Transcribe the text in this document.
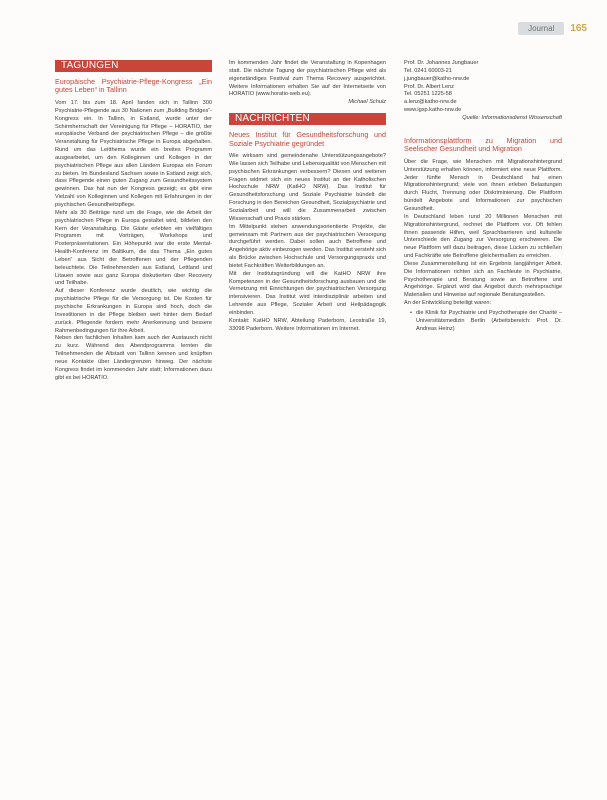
Journal	165
TAGUNGEN
Europäische Psychiatrie-Pflege-Kongress „Ein gutes Leben“ in Tallinn

Vom 17. bis zum 18. April fanden sich in Tallinn 300 Psychiatrie-Pflegende aus 30 Nationen zum „Building Bridges“-Kongress ein. In Tallinn, in Estland, wurde unter der Schirmherrschaft der Vereinigung für Pflege – HORATIO, der europäische Verband der psychiatrischen Pflege – die größte Veranstaltung für Psychiatrische Pflege in Europa abgehalten. Rund um das Leitthema wurde ein breites Programm ausgearbeitet, um den Kolleginnen und Kollegen in der psychiatrischen Pflege aus allen Ländern Europas ein Forum zu bieten. Im Bundesland Sachsen sowie in Estland zeigt sich, dass Pflegende einen guten Zugang zum Gesundheitssystem gewinnen. Das hat nun der Kongress gezeigt; es gibt eine Vielzahl von Kolleginnen und Kollegen mit Erfahrungen in der psychischen Gesundheitspflege.

Mehr als 30 Beiträge rund um die Frage, wie die Arbeit der psychiatrischen Pflege in Europa gestaltet wird, bildeten den Kern der Veranstaltung. Die Gäste erlebten ein vielfältiges Programm mit Vorträgen, Workshops und Posterpräsentationen. Ein Höhepunkt war die erste Mental-Health-Konferenz im Baltikum, die das Thema „Ein gutes Leben“ aus Sicht der Betroffenen und der Pflegenden beleuchtete. Die Teilnehmenden aus Estland, Lettland und Litauen sowie aus ganz Europa diskutierten über Recovery und Teilhabe.

Auf dieser Konferenz wurde deutlich, wie wichtig die psychiatrische Pflege für die Versorgung ist. Die Kosten für psychische Erkrankungen in Europa sind hoch, doch die Investitionen in die Pflege bleiben weit hinter dem Bedarf zurück. Pflegende fordern mehr Anerkennung und bessere Rahmenbedingungen für ihre Arbeit.

Neben den fachlichen Inhalten kam auch der Austausch nicht zu kurz. Während des Abendprogramms lernten die Teilnehmenden die Altstadt von Tallinn kennen und knüpften neue Kontakte über Ländergrenzen hinweg. Der nächste Kongress findet im kommenden Jahr statt; Informationen dazu gibt es bei HORATIO.

Im kommenden Jahr findet die Veranstaltung in Kopenhagen statt. Die nächste Tagung der psychiatrischen Pflege wird als eigenständiges Festival zum Thema Recovery ausgerichtet. Weitere Informationen erhalten Sie auf der Internetseite von HORATIO (www.horatio-web.eu).

Michael Schulz

NACHRICHTEN
Neues Institut für Gesundheitsforschung und Soziale Psychiatrie gegründet

Wie wirksam sind gemeindenahe Unterstützungsangebote? Wie lassen sich Teilhabe und Lebensqualität von Menschen mit psychischen Erkrankungen verbessern? Diesen und weiteren Fragen widmet sich ein neues Institut an der Katholischen Hochschule NRW (KatHO NRW). Das Institut für Gesundheitsforschung und Soziale Psychiatrie bündelt die Forschung in den Bereichen Gesundheit, Sozialpsychiatrie und Sozialarbeit und will die Zusammenarbeit zwischen Wissenschaft und Praxis stärken.

Im Mittelpunkt stehen anwendungsorientierte Projekte, die gemeinsam mit Partnern aus der psychiatrischen Versorgung durchgeführt werden. Dabei sollen auch Betroffene und Angehörige aktiv einbezogen werden. Das Institut versteht sich als Brücke zwischen Hochschule und Versorgungspraxis und bietet Fachkräften Weiterbildungen an.

Mit der Institutsgründung will die KatHO NRW ihre Kompetenzen in der Gesundheitsforschung ausbauen und die Vernetzung mit Einrichtungen der psychiatrischen Versorgung intensivieren. Das Institut wird interdisziplinär arbeiten und Lehrende aus Pflege, Sozialer Arbeit und Heilpädagogik einbinden.

Kontakt: KatHO NRW, Abteilung Paderborn, Leostraße 19, 33098 Paderborn. Weitere Informationen im Internet.

Prof. Dr. Johannes Jungbauer

Tel. 0241 60003-21

j.jungbauer@katho-nrw.de

Prof. Dr. Albert Lenz

Tel. 05251 1225-58

a.lenz@katho-nrw.de

www.igsp.katho-nrw.de

Quelle: Informationsdienst Wissenschaft

Informationsplattform zu Migration und Seelischer Gesundheit und Migration

Über die Frage, wie Menschen mit Migrationshintergrund Unterstützung erhalten können, informiert eine neue Plattform. Jeder fünfte Mensch in Deutschland hat einen Migrationshintergrund; viele von ihnen erleben Belastungen durch Flucht, Trennung oder Diskriminierung. Die Plattform bündelt Angebote und Informationen zur psychischen Gesundheit.

In Deutschland leben rund 20 Millionen Menschen mit Migrationshintergrund, rechnet die Plattform vor. Oft fehlen ihnen passende Hilfen, weil Sprachbarrieren und kulturelle Unterschiede den Zugang zur Versorgung erschweren. Die neue Plattform will dazu beitragen, diese Lücken zu schließen und Fachkräfte wie Betroffene gleichermaßen zu erreichen.

Diese Zusammenstellung ist ein Ergebnis langjähriger Arbeit. Die Informationen richten sich an Fachleute in Psychiatrie, Psychotherapie und Beratung sowie an Betroffene und Angehörige. Ergänzt wird das Angebot durch mehrsprachige Materialien und Hinweise auf regionale Beratungsstellen.

An der Entwicklung beteiligt waren:

• die Klinik für Psychiatrie und Psychotherapie der Charité – Universitätsmedizin Berlin (Arbeitsbereich: Prof. Dr. Andreas Heinz)
